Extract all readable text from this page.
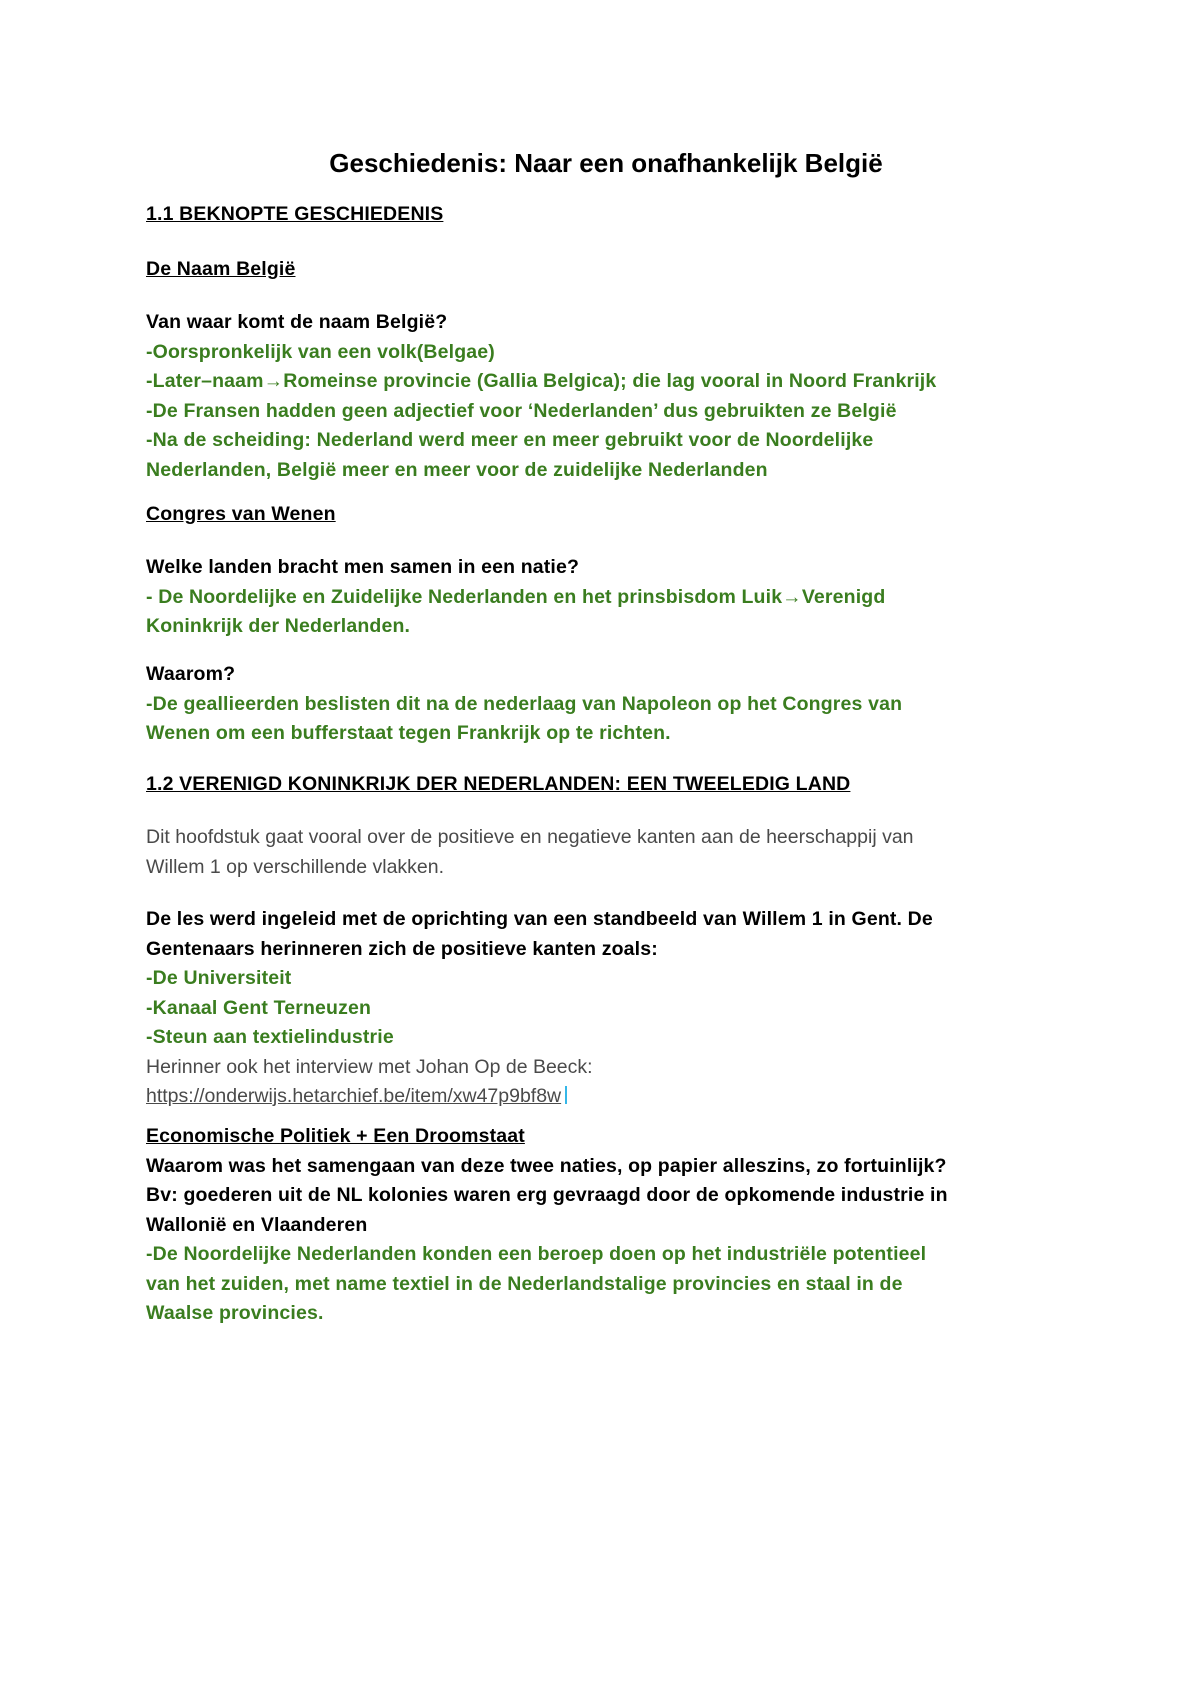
Geschiedenis: Naar een onafhankelijk België
1.1 BEKNOPTE GESCHIEDENIS
De Naam België
Van waar komt de naam België?
-Oorspronkelijk van een volk(Belgae)
-Later–naam→Romeinse provincie (Gallia Belgica); die lag vooral in Noord Frankrijk
-De Fransen hadden geen adjectief voor ‘Nederlanden’ dus gebruikten ze België
-Na de scheiding: Nederland werd meer en meer gebruikt voor de Noordelijke
Nederlanden, België meer en meer voor de zuidelijke Nederlanden
Congres van Wenen
Welke landen bracht men samen in een natie?
- De Noordelijke en Zuidelijke Nederlanden en het prinsbisdom Luik→Verenigd
Koninkrijk der Nederlanden.
Waarom?
-De geallieerden beslisten dit na de nederlaag van Napoleon op het Congres van
Wenen om een bufferstaat tegen Frankrijk op te richten.
1.2 VERENIGD KONINKRIJK DER NEDERLANDEN: EEN TWEELEDIG LAND
Dit hoofdstuk gaat vooral over de positieve en negatieve kanten aan de heerschappij van
Willem 1 op verschillende vlakken.
De les werd ingeleid met de oprichting van een standbeeld van Willem 1 in Gent. De
Gentenaars herinneren zich de positieve kanten zoals:
-De Universiteit
-Kanaal Gent Terneuzen
-Steun aan textielindustrie
Herinner ook het interview met Johan Op de Beeck:
https://onderwijs.hetarchief.be/item/xw47p9bf8w
Economische Politiek + Een Droomstaat
Waarom was het samengaan van deze twee naties, op papier alleszins, zo fortuinlijk?
Bv: goederen uit de NL kolonies waren erg gevraagd door de opkomende industrie in
Wallonië en Vlaanderen
-De Noordelijke Nederlanden konden een beroep doen op het industriële potentieel
van het zuiden, met name textiel in de Nederlandstalige provincies en staal in de
Waalse provincies.
